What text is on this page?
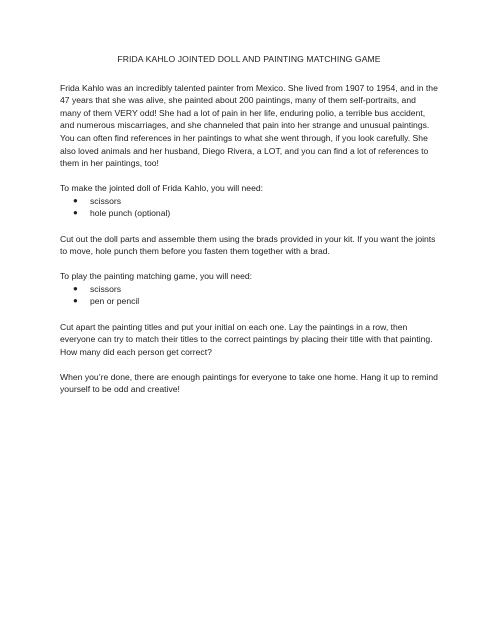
FRIDA KAHLO JOINTED DOLL AND PAINTING MATCHING GAME

Frida Kahlo was an incredibly talented painter from Mexico. She lived from 1907 to 1954, and in the 47 years that she was alive, she painted about 200 paintings, many of them self-portraits, and many of them VERY odd! She had a lot of pain in her life, enduring polio, a terrible bus accident, and numerous miscarriages, and she channeled that pain into her strange and unusual paintings. You can often find references in her paintings to what she went through, if you look carefully. She also loved animals and her husband, Diego Rivera, a LOT, and you can find a lot of references to them in her paintings, too!

To make the jointed doll of Frida Kahlo, you will need:

● scissors
● hole punch (optional)

Cut out the doll parts and assemble them using the brads provided in your kit. If you want the joints to move, hole punch them before you fasten them together with a brad.

To play the painting matching game, you will need:

● scissors
● pen or pencil

Cut apart the painting titles and put your initial on each one. Lay the paintings in a row, then everyone can try to match their titles to the correct paintings by placing their title with that painting. How many did each person get correct?

When you’re done, there are enough paintings for everyone to take one home. Hang it up to remind yourself to be odd and creative!
